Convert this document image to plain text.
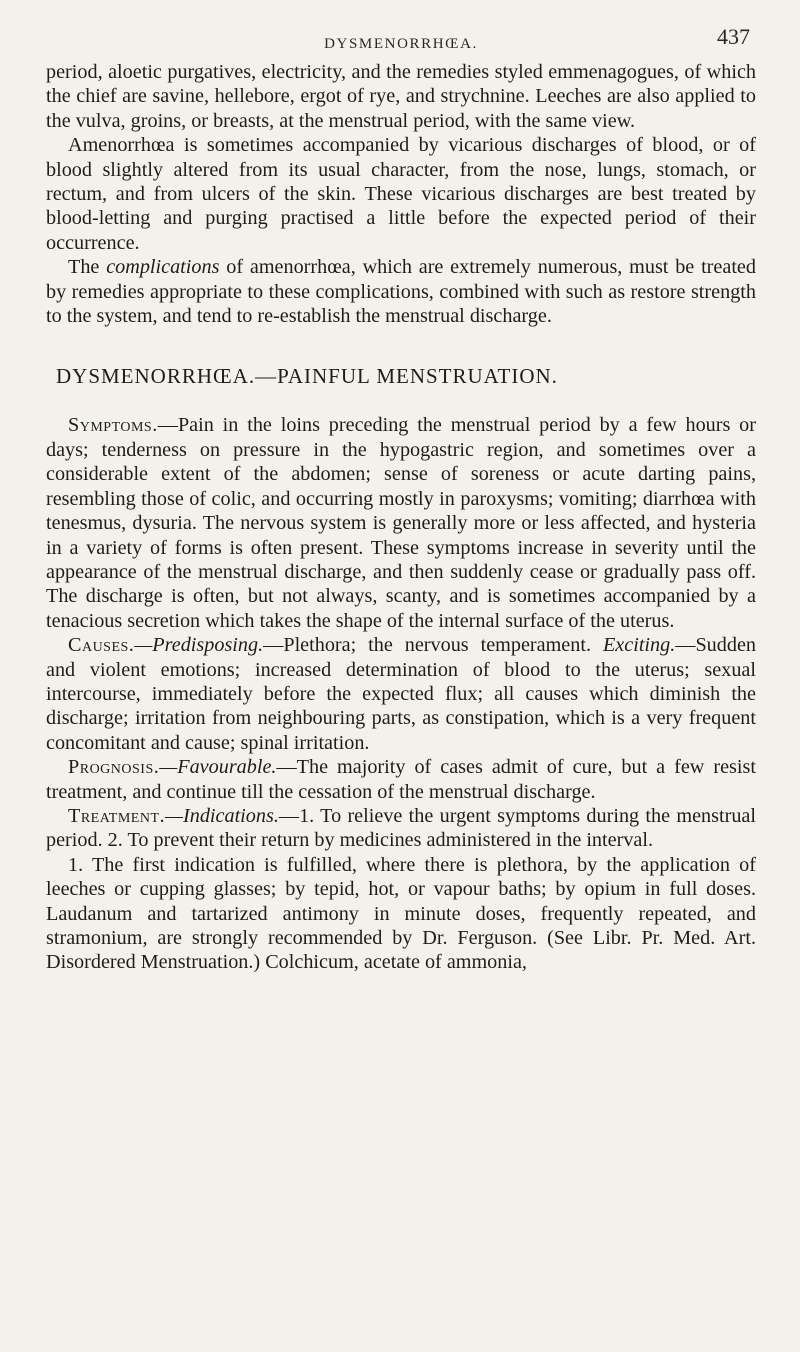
DYSMENORRHŒA.	437

period, aloetic purgatives, electricity, and the remedies styled emmenagogues, of which the chief are savine, hellebore, ergot of rye, and strychnine. Leeches are also applied to the vulva, groins, or breasts, at the menstrual period, with the same view.

Amenorrhœa is sometimes accompanied by vicarious discharges of blood, or of blood slightly altered from its usual character, from the nose, lungs, stomach, or rectum, and from ulcers of the skin. These vicarious discharges are best treated by blood-letting and purging practised a little before the expected period of their occurrence.

The complications of amenorrhœa, which are extremely numerous, must be treated by remedies appropriate to these complications, combined with such as restore strength to the system, and tend to re-establish the menstrual discharge.

DYSMENORRHŒA.—PAINFUL MENSTRUATION.

Symptoms.—Pain in the loins preceding the menstrual period by a few hours or days; tenderness on pressure in the hypogastric region, and sometimes over a considerable extent of the abdomen; sense of soreness or acute darting pains, resembling those of colic, and occurring mostly in paroxysms; vomiting; diarrhœa with tenesmus, dysuria. The nervous system is generally more or less affected, and hysteria in a variety of forms is often present. These symptoms increase in severity until the appearance of the menstrual discharge, and then suddenly cease or gradually pass off. The discharge is often, but not always, scanty, and is sometimes accompanied by a tenacious secretion which takes the shape of the internal surface of the uterus.

Causes.—Predisposing.—Plethora; the nervous temperament. Exciting.—Sudden and violent emotions; increased determination of blood to the uterus; sexual intercourse, immediately before the expected flux; all causes which diminish the discharge; irritation from neighbouring parts, as constipation, which is a very frequent concomitant and cause; spinal irritation.

Prognosis.—Favourable.—The majority of cases admit of cure, but a few resist treatment, and continue till the cessation of the menstrual discharge.

Treatment.—Indications.—1. To relieve the urgent symptoms during the menstrual period. 2. To prevent their return by medicines administered in the interval.

1. The first indication is fulfilled, where there is plethora, by the application of leeches or cupping glasses; by tepid, hot, or vapour baths; by opium in full doses. Laudanum and tartarized antimony in minute doses, frequently repeated, and stramonium, are strongly recommended by Dr. Ferguson. (See Libr. Pr. Med. Art. Disordered Menstruation.) Colchicum, acetate of ammonia,
